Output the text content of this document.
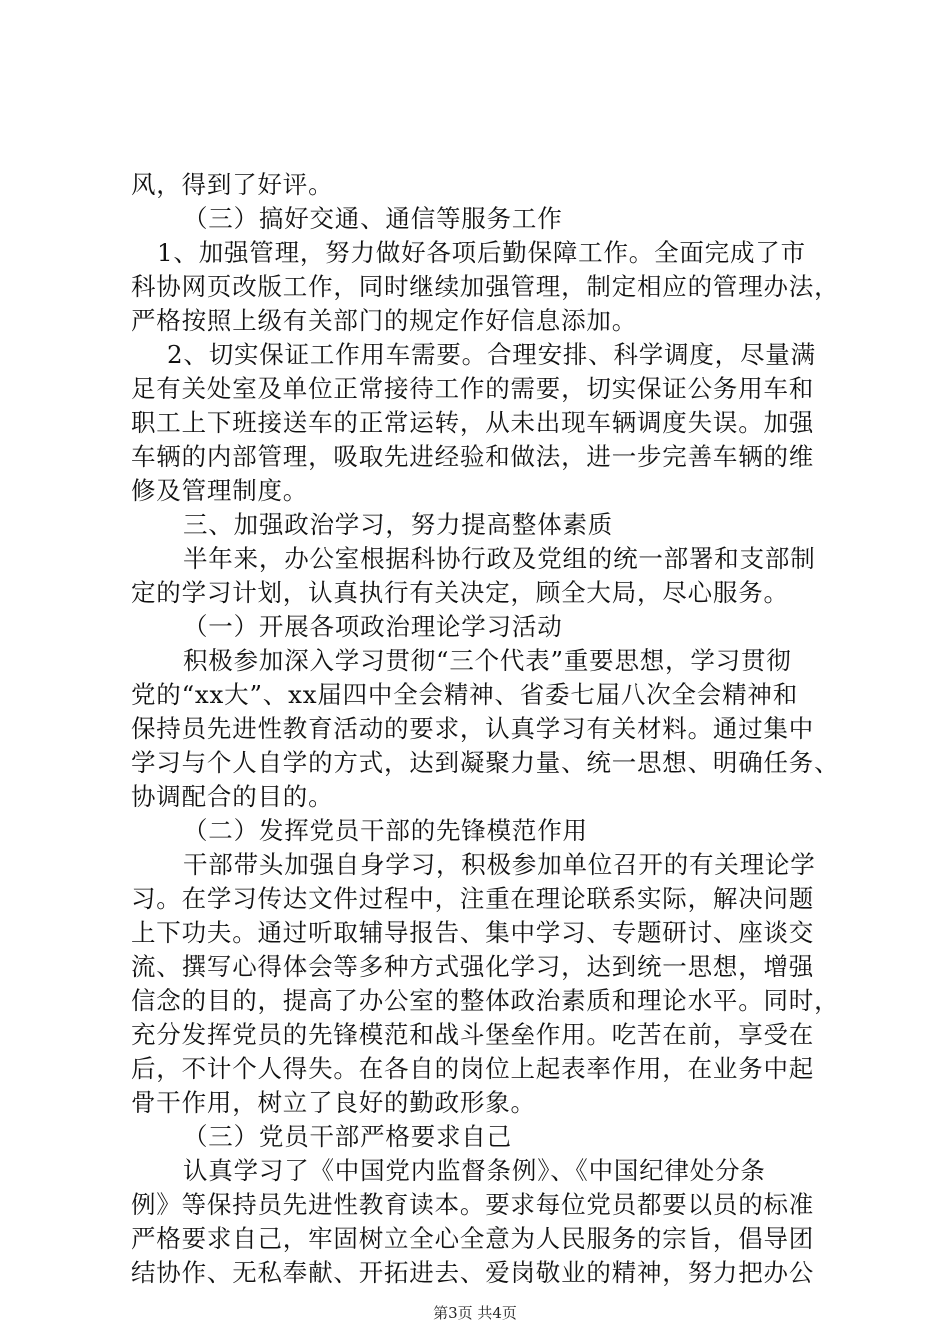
风，得到了好评。
（三）搞好交通、通信等服务工作
1、加强管理，努力做好各项后勤保障工作。全面完成了市
科协网页改版工作，同时继续加强管理，制定相应的管理办法，
严格按照上级有关部门的规定作好信息添加。
2、切实保证工作用车需要。合理安排、科学调度，尽量满
足有关处室及单位正常接待工作的需要，切实保证公务用车和
职工上下班接送车的正常运转，从未出现车辆调度失误。加强
车辆的内部管理，吸取先进经验和做法，进一步完善车辆的维
修及管理制度。
三、加强政治学习，努力提高整体素质
半年来，办公室根据科协行政及党组的统一部署和支部制
定的学习计划，认真执行有关决定，顾全大局，尽心服务。
（一）开展各项政治理论学习活动
积极参加深入学习贯彻“三个代表”重要思想，学习贯彻
党的“xx大”、xx届四中全会精神、省委七届八次全会精神和
保持员先进性教育活动的要求，认真学习有关材料。通过集中
学习与个人自学的方式，达到凝聚力量、统一思想、明确任务、
协调配合的目的。
（二）发挥党员干部的先锋模范作用
干部带头加强自身学习，积极参加单位召开的有关理论学
习。在学习传达文件过程中，注重在理论联系实际，解决问题
上下功夫。通过听取辅导报告、集中学习、专题研讨、座谈交
流、撰写心得体会等多种方式强化学习，达到统一思想，增强
信念的目的，提高了办公室的整体政治素质和理论水平。同时，
充分发挥党员的先锋模范和战斗堡垒作用。吃苦在前，享受在
后，不计个人得失。在各自的岗位上起表率作用，在业务中起
骨干作用，树立了良好的勤政形象。
（三）党员干部严格要求自己
认真学习了《中国党内监督条例》、《中国纪律处分条
例》等保持员先进性教育读本。要求每位党员都要以员的标准
严格要求自己，牢固树立全心全意为人民服务的宗旨，倡导团
结协作、无私奉献、开拓进去、爱岗敬业的精神，努力把办公
第3页 共4页
